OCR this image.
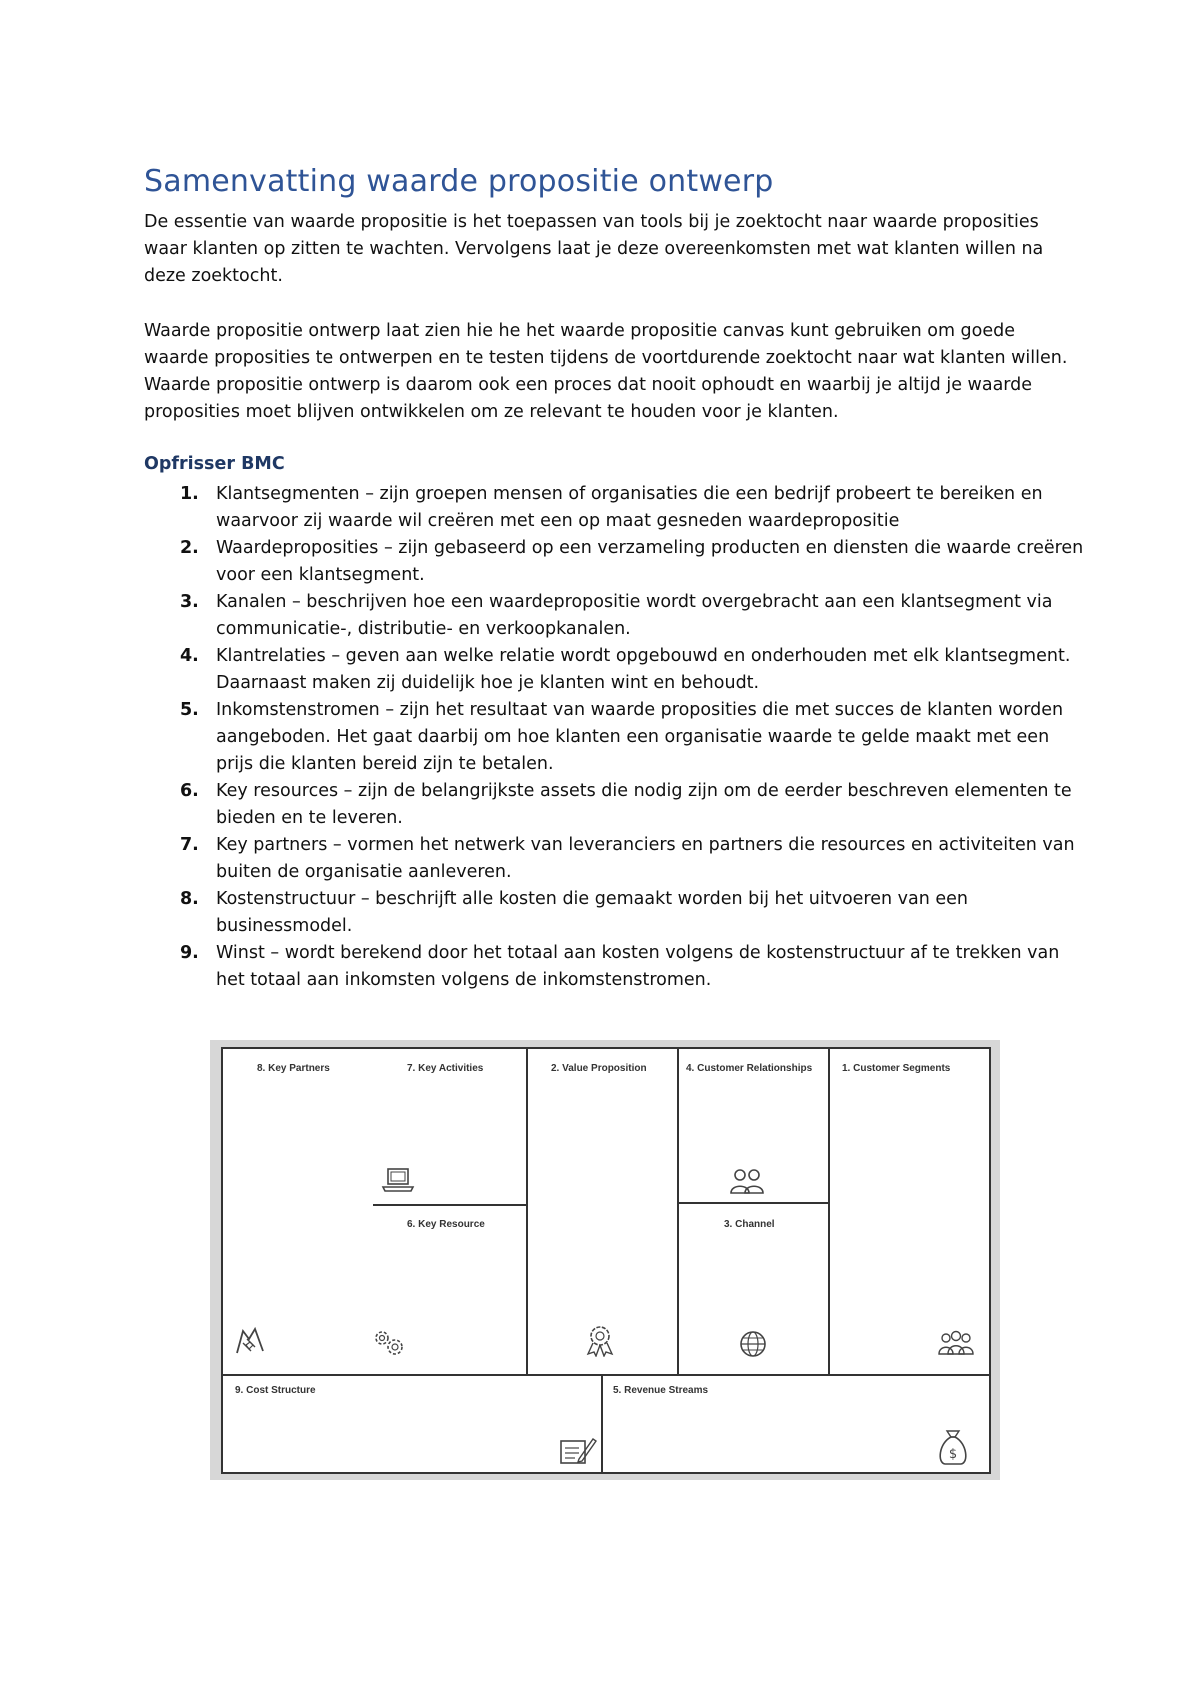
Samenvatting waarde propositie ontwerp

De essentie van waarde propositie is het toepassen van tools bij je zoektocht naar waarde proposities waar klanten op zitten te wachten. Vervolgens laat je deze overeenkomsten met wat klanten willen na deze zoektocht.

Waarde propositie ontwerp laat zien hie he het waarde propositie canvas kunt gebruiken om goede waarde proposities te ontwerpen en te testen tijdens de voortdurende zoektocht naar wat klanten willen. Waarde propositie ontwerp is daarom ook een proces dat nooit ophoudt en waarbij je altijd je waarde proposities moet blijven ontwikkelen om ze relevant te houden voor je klanten.

Opfrisser BMC
1. Klantsegmenten – zijn groepen mensen of organisaties die een bedrijf probeert te bereiken en waarvoor zij waarde wil creëren met een op maat gesneden waardepropositie
2. Waardeproposities – zijn gebaseerd op een verzameling producten en diensten die waarde creëren voor een klantsegment.
3. Kanalen – beschrijven hoe een waardepropositie wordt overgebracht aan een klantsegment via communicatie-, distributie- en verkoopkanalen.
4. Klantrelaties – geven aan welke relatie wordt opgebouwd en onderhouden met elk klantsegment. Daarnaast maken zij duidelijk hoe je klanten wint en behoudt.
5. Inkomstenstromen – zijn het resultaat van waarde proposities die met succes de klanten worden aangeboden. Het gaat daarbij om hoe klanten een organisatie waarde te gelde maakt met een prijs die klanten bereid zijn te betalen.
6. Key resources – zijn de belangrijkste assets die nodig zijn om de eerder beschreven elementen te bieden en te leveren.
7. Key partners – vormen het netwerk van leveranciers en partners die resources en activiteiten van buiten de organisatie aanleveren.
8. Kostenstructuur – beschrijft alle kosten die gemaakt worden bij het uitvoeren van een businessmodel.
9. Winst – wordt berekend door het totaal aan kosten volgens de kostenstructuur af te trekken van het totaal aan inkomsten volgens de inkomstenstromen.
8. Key Partners	7. Key Activities	2. Value Proposition	4. Customer Relationships	1. Customer Segments
6. Key Resource	3. Channel
9. Cost Structure	5. Revenue Streams
$
